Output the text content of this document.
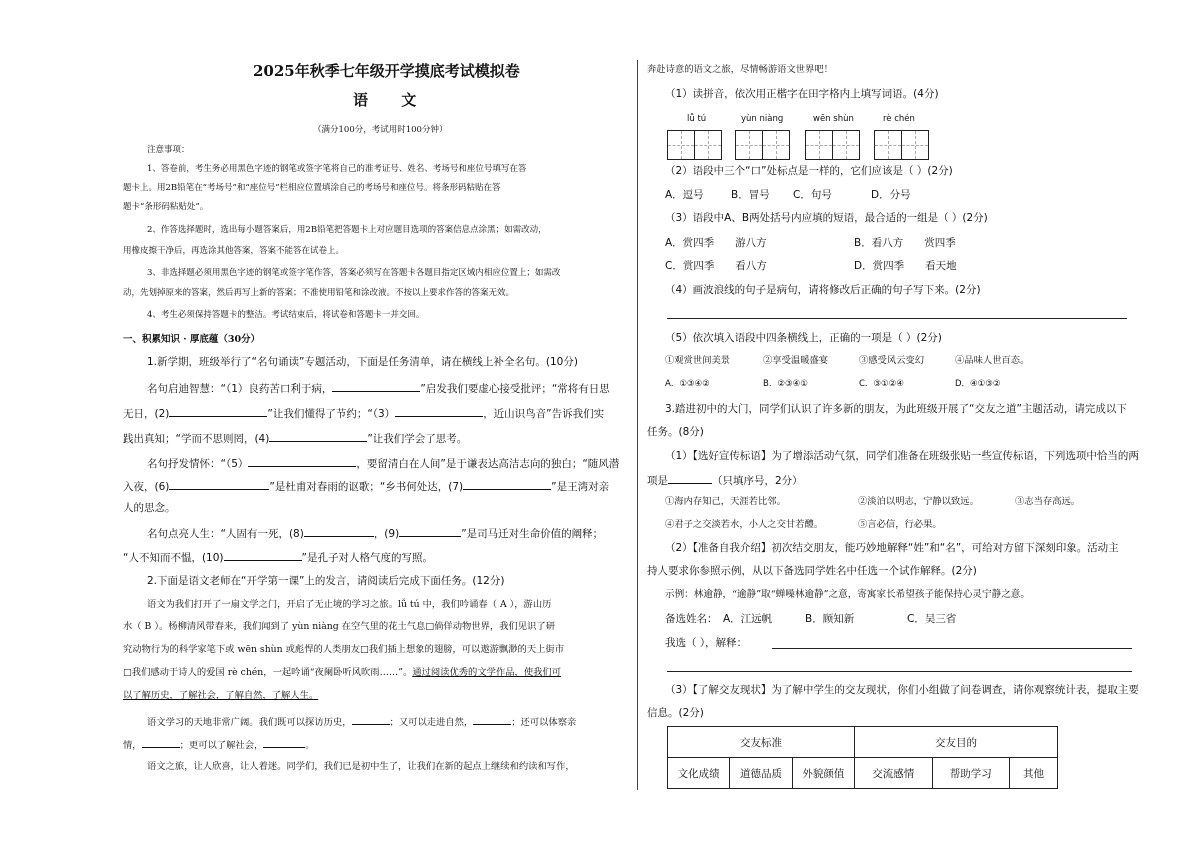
2025年秋季七年级开学摸底考试模拟卷
语 文
（满分100分，考试用时100分钟）
注意事项：
1、答卷前，考生务必用黑色字迹的钢笔或签字笔将自己的准考证号、姓名、考场号和座位号填写在答
题卡上。用2B铅笔在“考场号”和“座位号”栏相应位置填涂自己的考场号和座位号。将条形码粘贴在答
题卡“条形码粘贴处”。
2、作答选择题时，选出每小题答案后，用2B铅笔把答题卡上对应题目选项的答案信息点涂黑；如需改动，
用橡皮擦干净后，再选涂其他答案，答案不能答在试卷上。
3、非选择题必须用黑色字迹的钢笔或签字笔作答，答案必须写在答题卡各题目指定区域内相应位置上；如需改
动，先划掉原来的答案，然后再写上新的答案；不准使用铅笔和涂改液。不按以上要求作答的答案无效。
4、考生必须保持答题卡的整洁。考试结束后，将试卷和答题卡一并交回。
一、积累知识 · 厚底蕴（30分）
1.新学期，班级举行了“名句诵读”专题活动，下面是任务清单，请在横线上补全名句。(10分)
名句启迪智慧：“（1）良药苦口利于病，	”启发我们要虚心接受批评；“常将有日思
无日，(2)	”让我们懂得了节约；“（3）	，近山识鸟音”告诉我们实
践出真知；“学而不思则罔，(4)	”让我们学会了思考。
名句抒发情怀：“（5）	，要留清白在人间”是于谦表达高洁志向的独白；“随风潜
入夜，(6)	”是杜甫对春雨的讴歌；“乡书何处达，(7)	”是王湾对亲
人的思念。
名句点亮人生：“人固有一死，(8)	，(9)	”是司马迁对生命价值的阐释；
“人不知而不愠，(10)	”是孔子对人格气度的写照。
2.下面是语文老师在“开学第一课”上的发言，请阅读后完成下面任务。(12分)
语文为我们打开了一扇文学之门，开启了无止境的学习之旅。lǚ tú 中，我们吟诵春（ A ），游山历
水（ B ）。杨柳清风带春来，我们闻到了 yùn niàng 在空气里的花土气息□倘佯动物世界，我们见识了研
究动物行为的科学家笔下或 wēn shùn 或彪悍的人类朋友□我们插上想象的翅膀，可以遨游飘渺的天上街市
□我们感动于诗人的爱国 rè chén，一起吟诵“夜阑卧听风吹雨……”。通过阅读优秀的文学作品，使我们可
以了解历史，了解社会，了解自然，了解人生。
语文学习的天地非常广阔。我们既可以探访历史，	；又可以走进自然，	；还可以体察亲
情，	；更可以了解社会，	。
语文之旅，让人欣喜，让人着迷。同学们，我们已是初中生了，让我们在新的起点上继续和约读和写作，
奔赴诗意的语文之旅，尽情畅游语文世界吧！
（1）读拼音，依次用正楷字在田字格内上填写词语。(4分)
lǚ tú	yùn niàng	wēn shùn	rè chén
（2）语段中三个“口”处标点是一样的，它们应该是（ ）(2分)
A．逗号	B．冒号 C．句号	D．分号
（3）语段中A、B两处括号内应填的短语，最合适的一组是（ ）(2分)
A．赏四季　　游八方	B．看八方　　赏四季
C．赏四季　　看八方	D．赏四季　　看天地
（4）画波浪线的句子是病句，请将修改后正确的句子写下来。(2分)
（5）依次填入语段中四条横线上，正确的一项是（ ）(2分)
①观赏世间美景	②享受温暖盛宴	③感受风云变幻	④品味人世百态。
A．①③④②	B．②③④①	C．③①②④	D．④①③②
3.踏进初中的大门，同学们认识了许多新的朋友，为此班级开展了“交友之道”主题活动，请完成以下
任务。(8分)
（1）【选好宣传标语】为了增添活动气氛，同学们准备在班级张贴一些宣传标语，下列选项中恰当的两
项是	（只填序号，2分）
①海内存知己，天涯若比邻。	②淡泊以明志，宁静以致远。	③志当存高远。
④君子之交淡若水，小人之交甘若醴。	⑤言必信，行必果。
（2）【准备自我介绍】初次结交朋友，能巧妙地解释“姓”和“名”，可给对方留下深刻印象。活动主
持人要求你参照示例，从以下备选同学姓名中任选一个试作解释。(2分)
示例：林逾静，“逾静”取“蝉噪林逾静”之意，寄寓家长希望孩子能保持心灵宁静之意。
备选姓名： A．江远帆	B．顾知新	C．吴三省
我选（ ），解释：
（3）【了解交友现状】为了解中学生的交友现状，你们小组做了问卷调查，请你观察统计表，提取主要
信息。(2分)
交友标准			交友目的		
文化成绩	道德品质	外貌颜值	交流感情	帮助学习	其他
